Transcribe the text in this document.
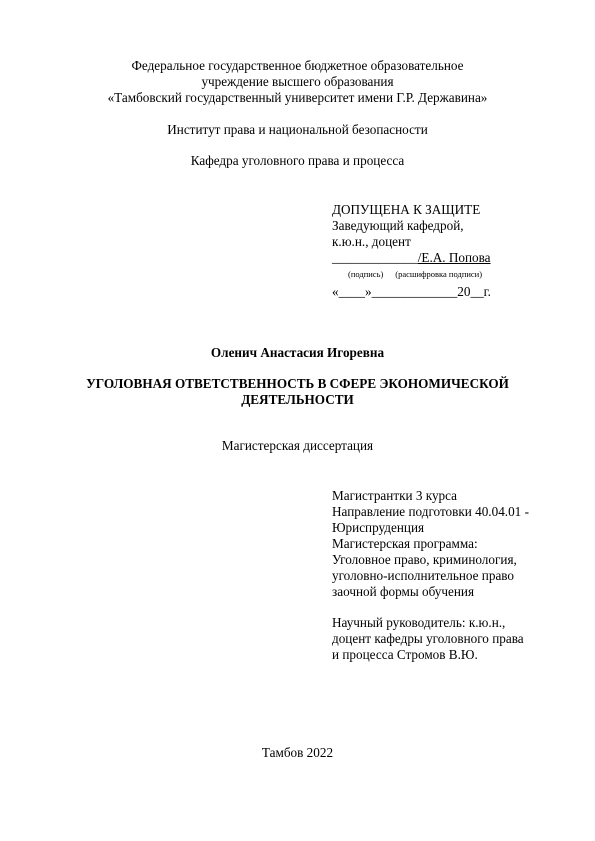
Федеральное государственное бюджетное образовательное
учреждение высшего образования
«Тамбовский государственный университет имени Г.Р. Державина»
Институт права и национальной безопасности
Кафедра уголовного права и процесса
ДОПУЩЕНА К ЗАЩИТЕ
Заведующий кафедрой,
к.ю.н., доцент
_____________/Е.А. Попова
(подпись) (расшифровка подписи)
«____»_____________20__г.
Оленич Анастасия Игоревна
УГОЛОВНАЯ ОТВЕТСТВЕННОСТЬ В СФЕРЕ ЭКОНОМИЧЕСКОЙ
ДЕЯТЕЛЬНОСТИ
Магистерская диссертация
Магистрантки 3 курса
Направление подготовки 40.04.01 -
Юриспруденция
Магистерская программа:
Уголовное право, криминология,
уголовно-исполнительное право
заочной формы обучения
Научный руководитель: к.ю.н.,
доцент кафедры уголовного права
и процесса Стромов В.Ю.
Тамбов 2022
